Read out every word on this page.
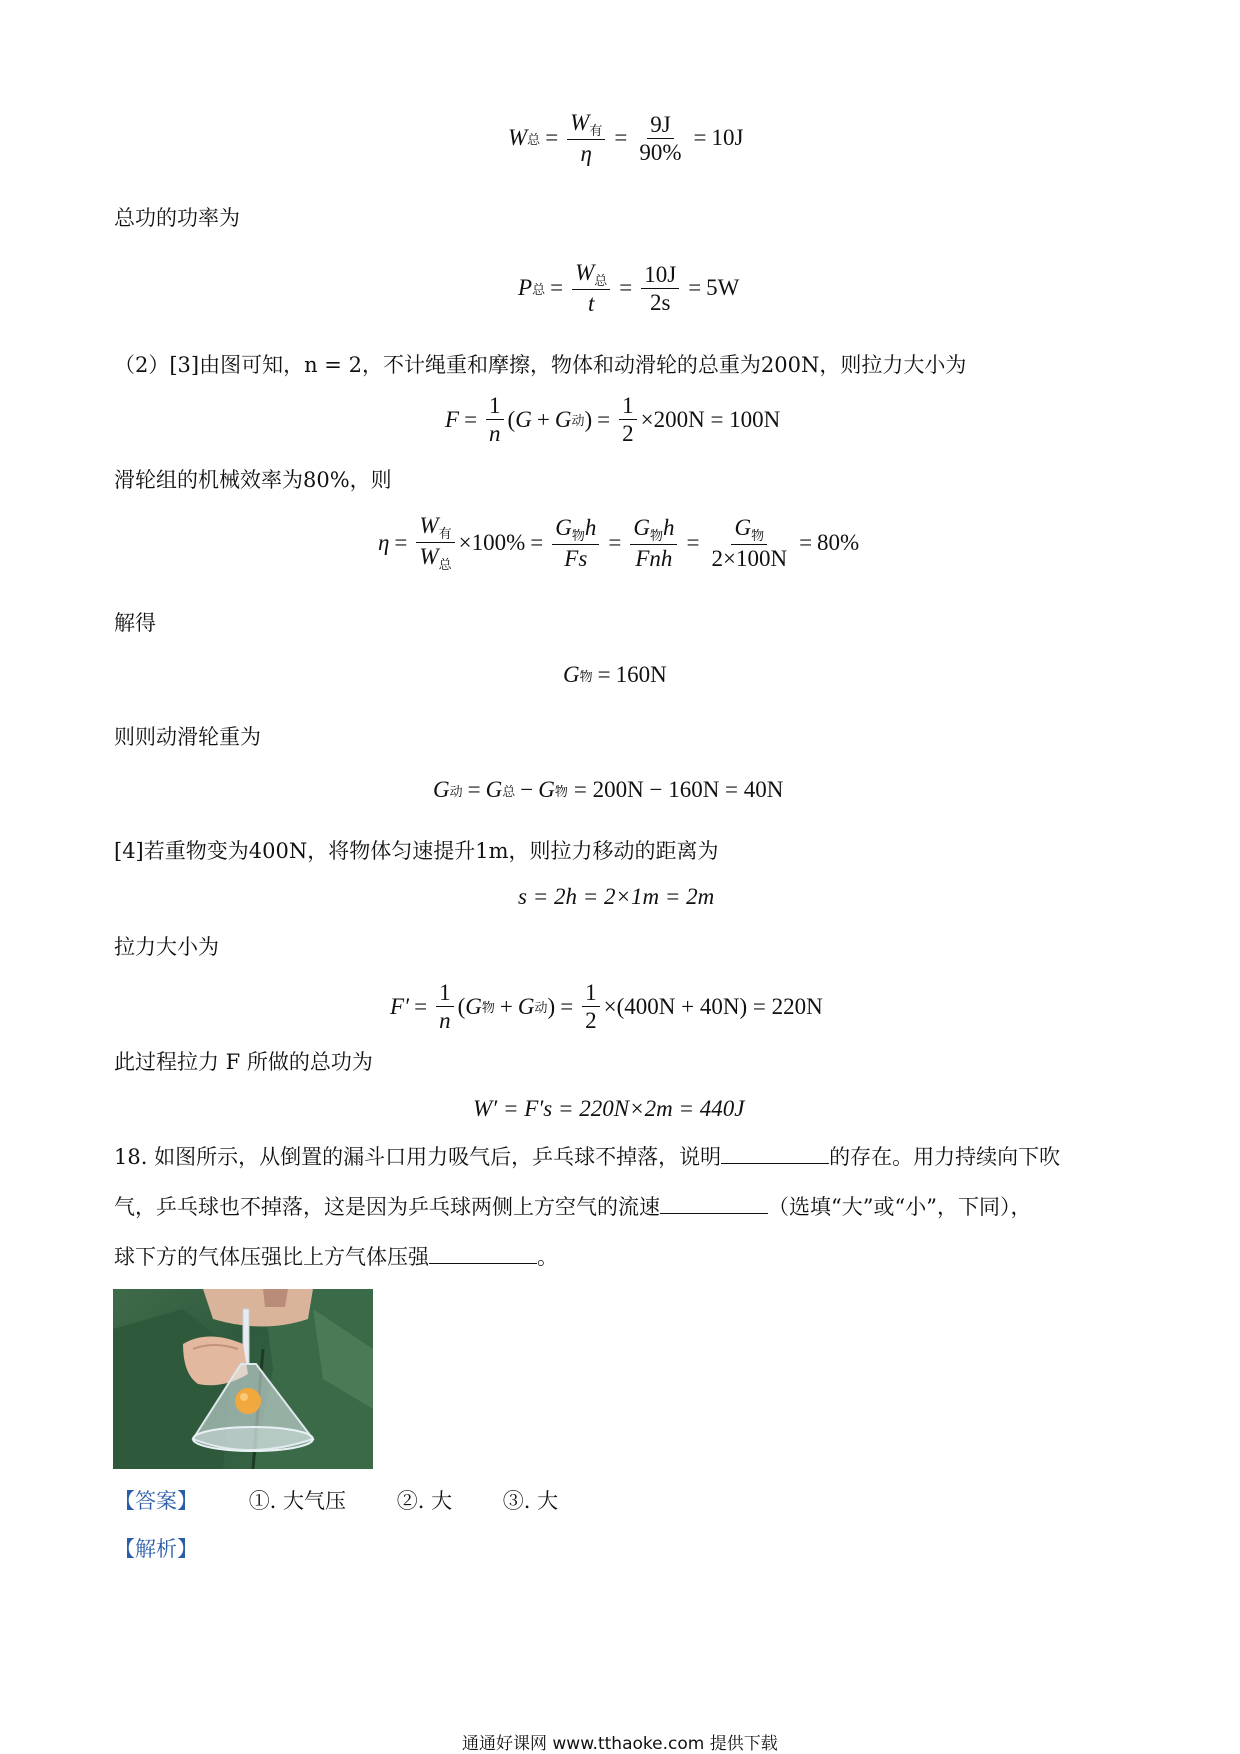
W 总 = $\frac{W_有}{\eta} = \frac{9J}{90\%} = 10J$
总功的功率为
P 总 = $\frac{W_总}{t} = \frac{10J}{2s} = 5W$
（2）[3]由图可知，n = 2，不计绳重和摩擦，物体和动滑轮的总重为200N，则拉力大小为
$F = \frac{1}{n}$ ( G + G 动 ) = $\frac{1}{2} \times 200N = 100N$
滑轮组的机械效率为80%，则
$\eta = \frac{W_有}{W_总} \times 100\% = \frac{G_物h}{Fs} = \frac{G_物h}{\text{Fnh}} = \frac{G_物}{2\times 100N} = 80\%$
解得
G 物 = 160N
则则动滑轮重为
G 动 = G 总 − G 物 = 200N − 160N = 40N
[4]若重物变为400N，将物体匀速提升1m，则拉力移动的距离为
s = 2h = 2×1m = 2m
拉力大小为
$F' = \frac{1}{n}$ ( G 物 + G 动 ) = $\frac{1}{2} \times(400N + 40N) = 220N$
此过程拉力 F 所做的总功为
W′ = F′s = 220N×2m = 440J
18. 如图所示，从倒置的漏斗口用力吸气后，乒乓球不掉落，说明	的存在。用力持续向下吹
气，乒乓球也不掉落，这是因为乒乓球两侧上方空气的流速	（选填“大”或“小”，下同），
球下方的气体压强比上方气体压强	。
【答案】 ①. 大气压 ②. 大 ③. 大
【解析】
通通好课网 www.tthaoke.com 提供下载
